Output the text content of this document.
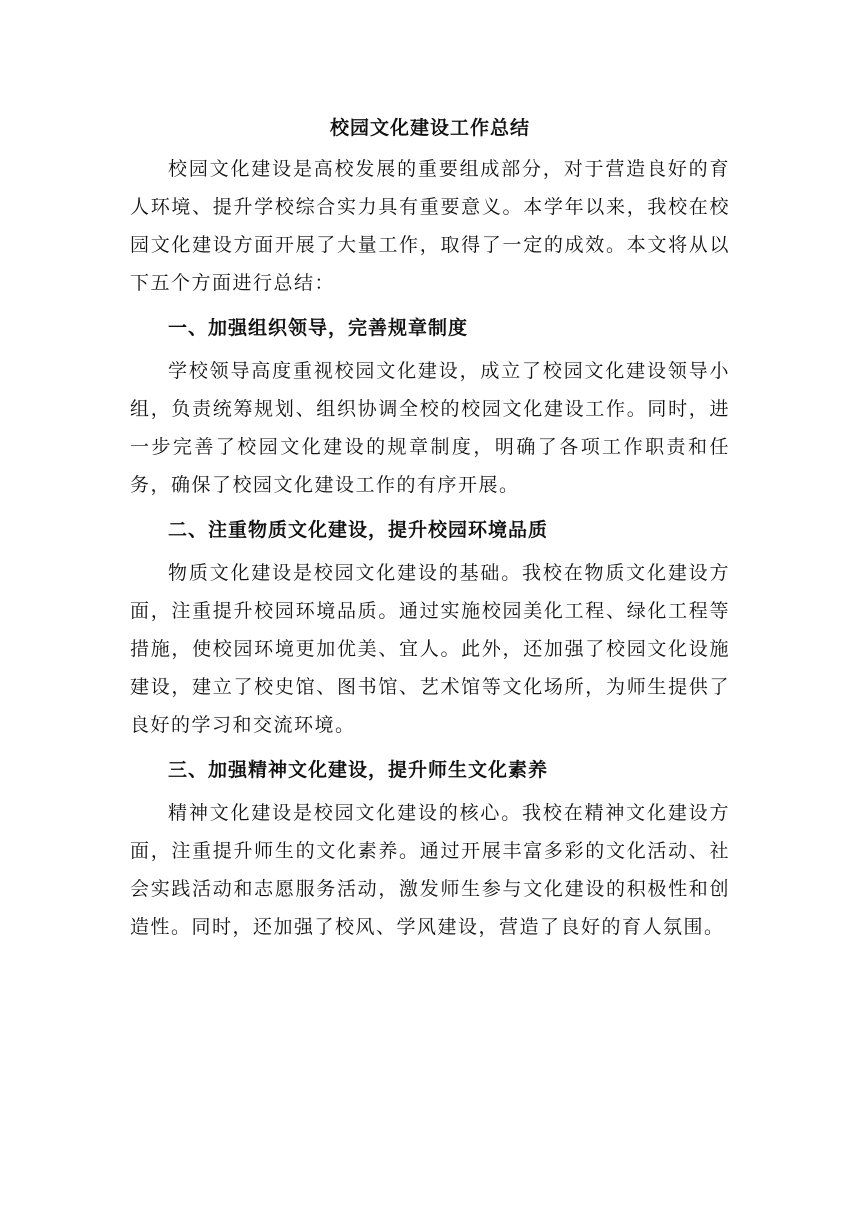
校园文化建设工作总结

校园文化建设是高校发展的重要组成部分，对于营造良好的育人环境、提升学校综合实力具有重要意义。本学年以来，我校在校园文化建设方面开展了大量工作，取得了一定的成效。本文将从以下五个方面进行总结：

一、加强组织领导，完善规章制度

学校领导高度重视校园文化建设，成立了校园文化建设领导小组，负责统筹规划、组织协调全校的校园文化建设工作。同时，进一步完善了校园文化建设的规章制度，明确了各项工作职责和任务，确保了校园文化建设工作的有序开展。

二、注重物质文化建设，提升校园环境品质

物质文化建设是校园文化建设的基础。我校在物质文化建设方面，注重提升校园环境品质。通过实施校园美化工程、绿化工程等措施，使校园环境更加优美、宜人。此外，还加强了校园文化设施建设，建立了校史馆、图书馆、艺术馆等文化场所，为师生提供了良好的学习和交流环境。

三、加强精神文化建设，提升师生文化素养

精神文化建设是校园文化建设的核心。我校在精神文化建设方面，注重提升师生的文化素养。通过开展丰富多彩的文化活动、社会实践活动和志愿服务活动，激发师生参与文化建设的积极性和创造性。同时，还加强了校风、学风建设，营造了良好的育人氛围。
